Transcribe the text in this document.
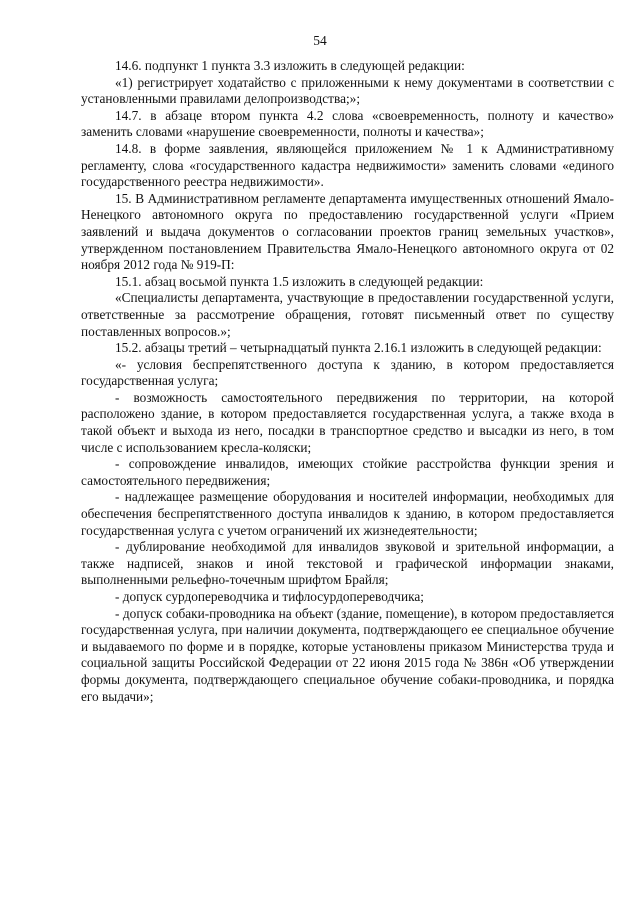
54

14.6. подпункт 1 пункта 3.3 изложить в следующей редакции:

«1) регистрирует ходатайство с приложенными к нему документами в соответствии с установленными правилами делопроизводства;»;

14.7. в абзаце втором пункта 4.2 слова «своевременность, полноту и качество» заменить словами «нарушение своевременности, полноты и качества»;

14.8. в форме заявления, являющейся приложением № 1 к Административному регламенту, слова «государственного кадастра недвижимости» заменить словами «единого государственного реестра недвижимости».

15. В Административном регламенте департамента имущественных отношений Ямало-Ненецкого автономного округа по предоставлению государственной услуги «Прием заявлений и выдача документов о согласовании проектов границ земельных участков», утвержденном постановлением Правительства Ямало-Ненецкого автономного округа от 02 ноября 2012 года № 919-П:

15.1. абзац восьмой пункта 1.5 изложить в следующей редакции:

«Специалисты департамента, участвующие в предоставлении государственной услуги, ответственные за рассмотрение обращения, готовят письменный ответ по существу поставленных вопросов.»;

15.2. абзацы третий – четырнадцатый пункта 2.16.1 изложить в следующей редакции:

«- условия беспрепятственного доступа к зданию, в котором предоставляется государственная услуга;

- возможность самостоятельного передвижения по территории, на которой расположено здание, в котором предоставляется государственная услуга, а также входа в такой объект и выхода из него, посадки в транспортное средство и высадки из него, в том числе с использованием кресла-коляски;

- сопровождение инвалидов, имеющих стойкие расстройства функции зрения и самостоятельного передвижения;

- надлежащее размещение оборудования и носителей информации, необходимых для обеспечения беспрепятственного доступа инвалидов к зданию, в котором предоставляется государственная услуга с учетом ограничений их жизнедеятельности;

- дублирование необходимой для инвалидов звуковой и зрительной информации, а также надписей, знаков и иной текстовой и графической информации знаками, выполненными рельефно-точечным шрифтом Брайля;

- допуск сурдопереводчика и тифлосурдопереводчика;

- допуск собаки-проводника на объект (здание, помещение), в котором предоставляется государственная услуга, при наличии документа, подтверждающего ее специальное обучение и выдаваемого по форме и в порядке, которые установлены приказом Министерства труда и социальной защиты Российской Федерации от 22 июня 2015 года № 386н «Об утверждении формы документа, подтверждающего специальное обучение собаки-проводника, и порядка его выдачи»;
